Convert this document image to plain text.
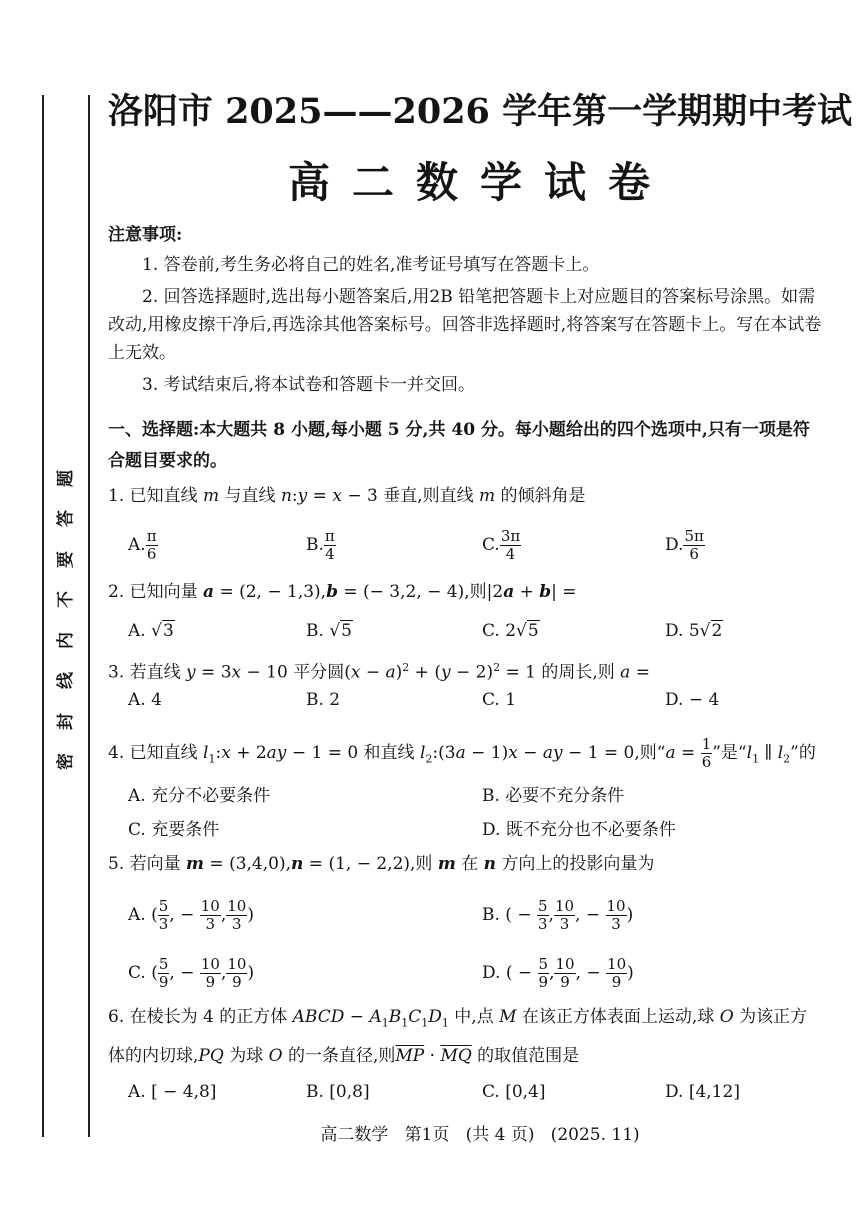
题
答
要
不
内
线
封
密
洛阳市 2025——2026 学年第一学期期中考试
高二数学试卷
注意事项:

1. 答卷前,考生务必将自己的姓名,准考证号填写在答题卡上。

2. 回答选择题时,选出每小题答案后,用2B 铅笔把答题卡上对应题目的答案标号涂黑。如需改动,用橡皮擦干净后,再选涂其他答案标号。回答非选择题时,将答案写在答题卡上。写在本试卷上无效。

3. 考试结束后,将本试卷和答题卡一并交回。

一、选择题:本大题共 8 小题,每小题 5 分,共 40 分。每小题给出的四个选项中,只有一项是符合题目要求的。
1. 已知直线 m 与直线 n:y = x − 3 垂直,则直线 m 的倾斜角是
A. $\frac{\pi}{6}$	B. $\frac{\pi}{4}$	C. $\frac{3\pi}{4}$	D. $\frac{5\pi}{6}$
2. 已知向量 a = (2, − 1,3),b = (− 3,2, − 4),则|2a + b| =
A. √3	B. √5	C. 2√5	D. 5√2
3. 若直线 y = 3x − 10 平分圆$(x - a)^2 + (y - 2)^2 = 1$ 的周长,则 a =
A. 4	B. 2	C. 1	D. − 4
4. 已知直线 $l_1:x + 2ay - 1 = 0$ 和直线 $l_2:(3a - 1)x$ − ay − 1 = 0,则“$a = \frac{1}{6}$ ”是“$l_1$ ∥ $l_2$”的
A. 充分不必要条件	B. 必要不充分条件
C. 充要条件	D. 既不充分也不必要条件
5. 若向量 m = (3,4,0),n = (1, − 2,2),则 m 在 n 方向上的投影向量为
A. ( $\frac{5}{3}$ , − $\frac{10}{3}$ , $\frac{10}{3}$ )	B. ( − $\frac{5}{3}$ , $\frac{10}{3}$ , − $\frac{10}{3}$ )
C. ( $\frac{5}{9}$ , − $\frac{10}{9}$ , $\frac{10}{9}$ )	D. ( − $\frac{5}{9}$ , $\frac{10}{9}$ , − $\frac{10}{9}$ )
6. 在棱长为 4 的正方体 ABCD − $A_1B_1C_1D_1$ 中,点 M 在该正方体表面上运动,球 O 为该正方
体的内切球,PQ 为球 O 的一条直径,则$\overline{MP} \cdot \overline{MQ}$ 的取值范围是
A. [ − 4,8]	B. [0,8]	C. [0,4]	D. [4,12]
高二数学   第1页   (共 4 页)   (2025. 11)
